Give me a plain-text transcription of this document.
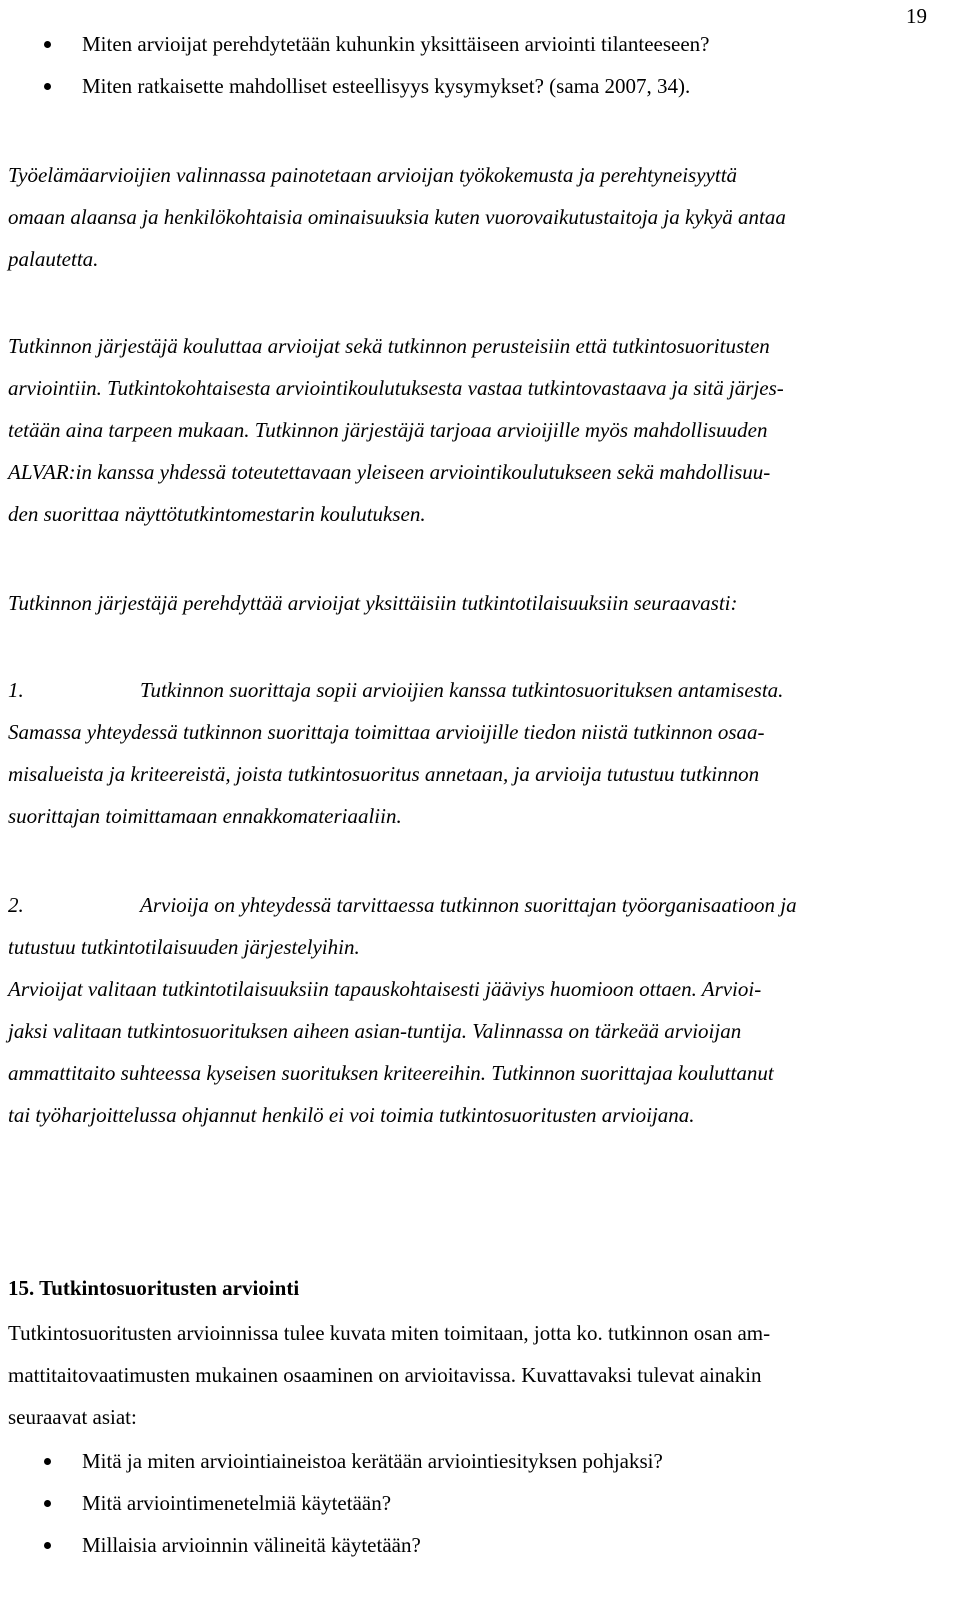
19
Miten arvioijat perehdytetään kuhunkin yksittäiseen arviointi tilanteeseen?
Miten ratkaisette mahdolliset esteellisyys kysymykset? (sama 2007, 34).
Työelämäarvioijien valinnassa painotetaan arvioijan työkokemusta ja perehtyneisyyttä
omaan alaansa ja henkilökohtaisia ominaisuuksia kuten vuorovaikutustaitoja ja kykyä antaa
palautetta.
Tutkinnon järjestäjä kouluttaa arvioijat sekä tutkinnon perusteisiin että tutkintosuoritusten
arviointiin. Tutkintokohtaisesta arviointikoulutuksesta vastaa tutkintovastaava ja sitä järjes-
tetään aina tarpeen mukaan. Tutkinnon järjestäjä tarjoaa arvioijille myös mahdollisuuden
ALVAR:in kanssa yhdessä toteutettavaan yleiseen arviointikoulutukseen sekä mahdollisuu-
den suorittaa näyttötutkintomestarin koulutuksen.
Tutkinnon järjestäjä perehdyttää arvioijat yksittäisiin tutkintotilaisuuksiin seuraavasti:
1.	Tutkinnon suorittaja sopii arvioijien kanssa tutkintosuorituksen antamisesta.
Samassa yhteydessä tutkinnon suorittaja toimittaa arvioijille tiedon niistä tutkinnon osaa-
misalueista ja kriteereistä, joista tutkintosuoritus annetaan, ja arvioija tutustuu tutkinnon
suorittajan toimittamaan ennakkomateriaaliin.
2.	Arvioija on yhteydessä tarvittaessa tutkinnon suorittajan työorganisaatioon ja
tutustuu tutkintotilaisuuden järjestelyihin.
Arvioijat valitaan tutkintotilaisuuksiin tapauskohtaisesti jääviys huomioon ottaen. Arvioi-
jaksi valitaan tutkintosuorituksen aiheen asian-tuntija. Valinnassa on tärkeää arvioijan
ammattitaito suhteessa kyseisen suorituksen kriteereihin. Tutkinnon suorittajaa kouluttanut
tai työharjoittelussa ohjannut henkilö ei voi toimia tutkintosuoritusten arvioijana.
15. Tutkintosuoritusten arviointi
Tutkintosuoritusten arvioinnissa tulee kuvata miten toimitaan, jotta ko. tutkinnon osan am-
mattitaitovaatimusten mukainen osaaminen on arvioitavissa. Kuvattavaksi tulevat ainakin
seuraavat asiat:
Mitä ja miten arviointiaineistoa kerätään arviointiesityksen pohjaksi?
Mitä arviointimenetelmiä käytetään?
Millaisia arvioinnin välineitä käytetään?
